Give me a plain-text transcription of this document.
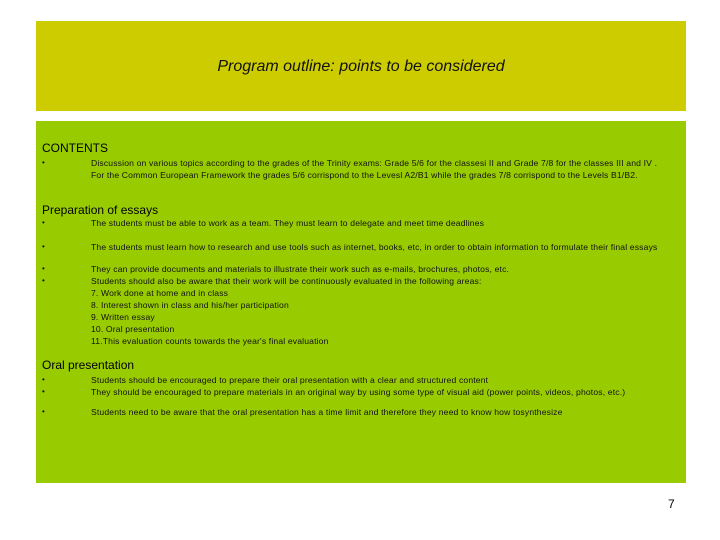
Program outline: points to be considered
CONTENTS
•	Discussion on various topics according to the grades of the Trinity exams: Grade 5/6 for the classesi II and Grade 7/8 for the classes III and IV . For the Common European Framework the grades 5/6 corrispond to the Levesl A2/B1 while the grades 7/8 corrispond to the Levels B1/B2.
Preparation of essays
•	The students must be able to work as a team. They must learn to delegate and meet time deadlines
•	The students must learn how to research and use tools such as internet, books, etc, in order to obtain information to formulate their final essays
•	They can provide documents and materials to illustrate their work such as e-mails, brochures, photos, etc.
•	Students should also be aware that their work will be continuously evaluated in the following areas:
7. Work done at home and in class
8. Interest shown in class and his/her participation
9. Written essay
10. Oral presentation
11.This evaluation counts towards the year's final evaluation
Oral presentation
•	Students should be encouraged to prepare their oral presentation with a clear and structured content
•	They should be encouraged to prepare materials in an original way by using some type of visual aid (power points, videos, photos, etc.)
•	Students need to be aware that the oral presentation has a time limit and therefore they need to know how tosynthesize
7
